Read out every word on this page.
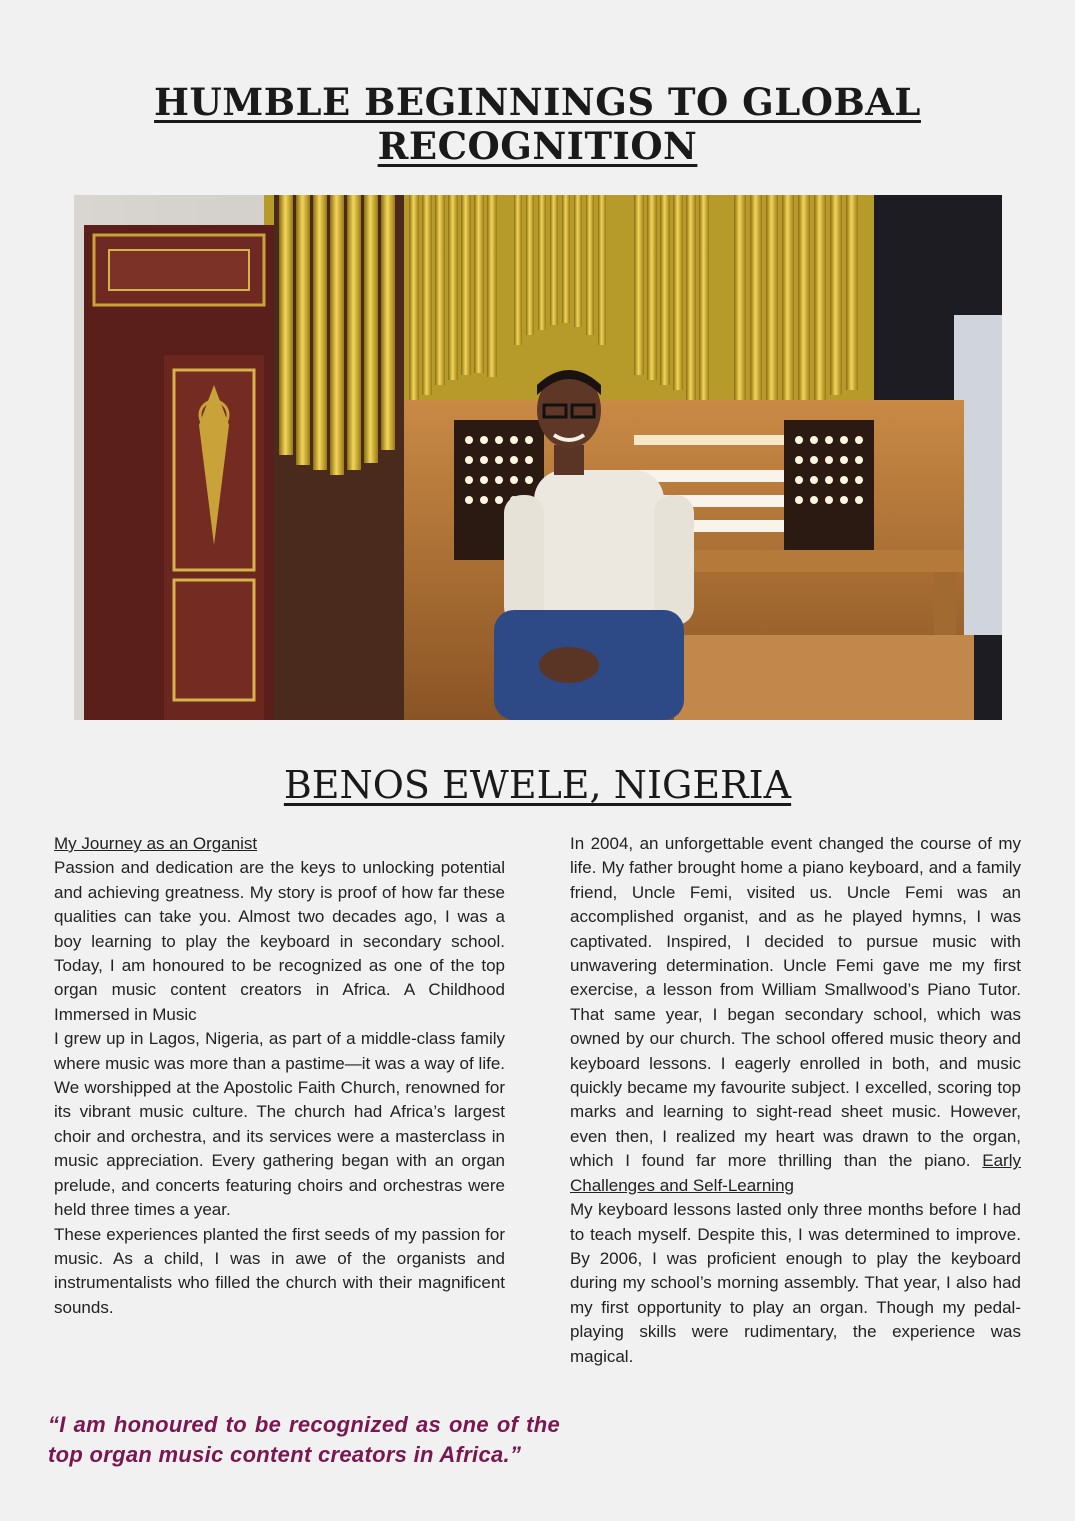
HUMBLE BEGINNINGS TO GLOBAL RECOGNITION
BENOS EWELE, NIGERIA
My Journey as an Organist

Passion and dedication are the keys to unlocking potential and achieving greatness. My story is proof of how far these qualities can take you. Almost two decades ago, I was a boy learning to play the keyboard in secondary school. Today, I am honoured to be recognized as one of the top organ music content creators in Africa. A Childhood Immersed in Music

I grew up in Lagos, Nigeria, as part of a middle-class family where music was more than a pastime—it was a way of life. We worshipped at the Apostolic Faith Church, renowned for its vibrant music culture. The church had Africa’s largest choir and orchestra, and its services were a masterclass in music appreciation. Every gathering began with an organ prelude, and concerts featuring choirs and orchestras were held three times a year.

These experiences planted the first seeds of my passion for music. As a child, I was in awe of the organists and instrumentalists who filled the church with their magnificent sounds.

In 2004, an unforgettable event changed the course of my life. My father brought home a piano keyboard, and a family friend, Uncle Femi, visited us. Uncle Femi was an accomplished organist, and as he played hymns, I was captivated. Inspired, I decided to pursue music with unwavering determination. Uncle Femi gave me my first exercise, a lesson from William Smallwood’s Piano Tutor. That same year, I began secondary school, which was owned by our church. The school offered music theory and keyboard lessons. I eagerly enrolled in both, and music quickly became my favourite subject. I excelled, scoring top marks and learning to sight-read sheet music. However, even then, I realized my heart was drawn to the organ, which I found far more thrilling than the piano. Early Challenges and Self-Learning

My keyboard lessons lasted only three months before I had to teach myself. Despite this, I was determined to improve. By 2006, I was proficient enough to play the keyboard during my school’s morning assembly. That year, I also had my first opportunity to play an organ. Though my pedal-playing skills were rudimentary, the experience was magical.

“I am honoured to be recognized as one of the top organ music content creators in Africa.”
